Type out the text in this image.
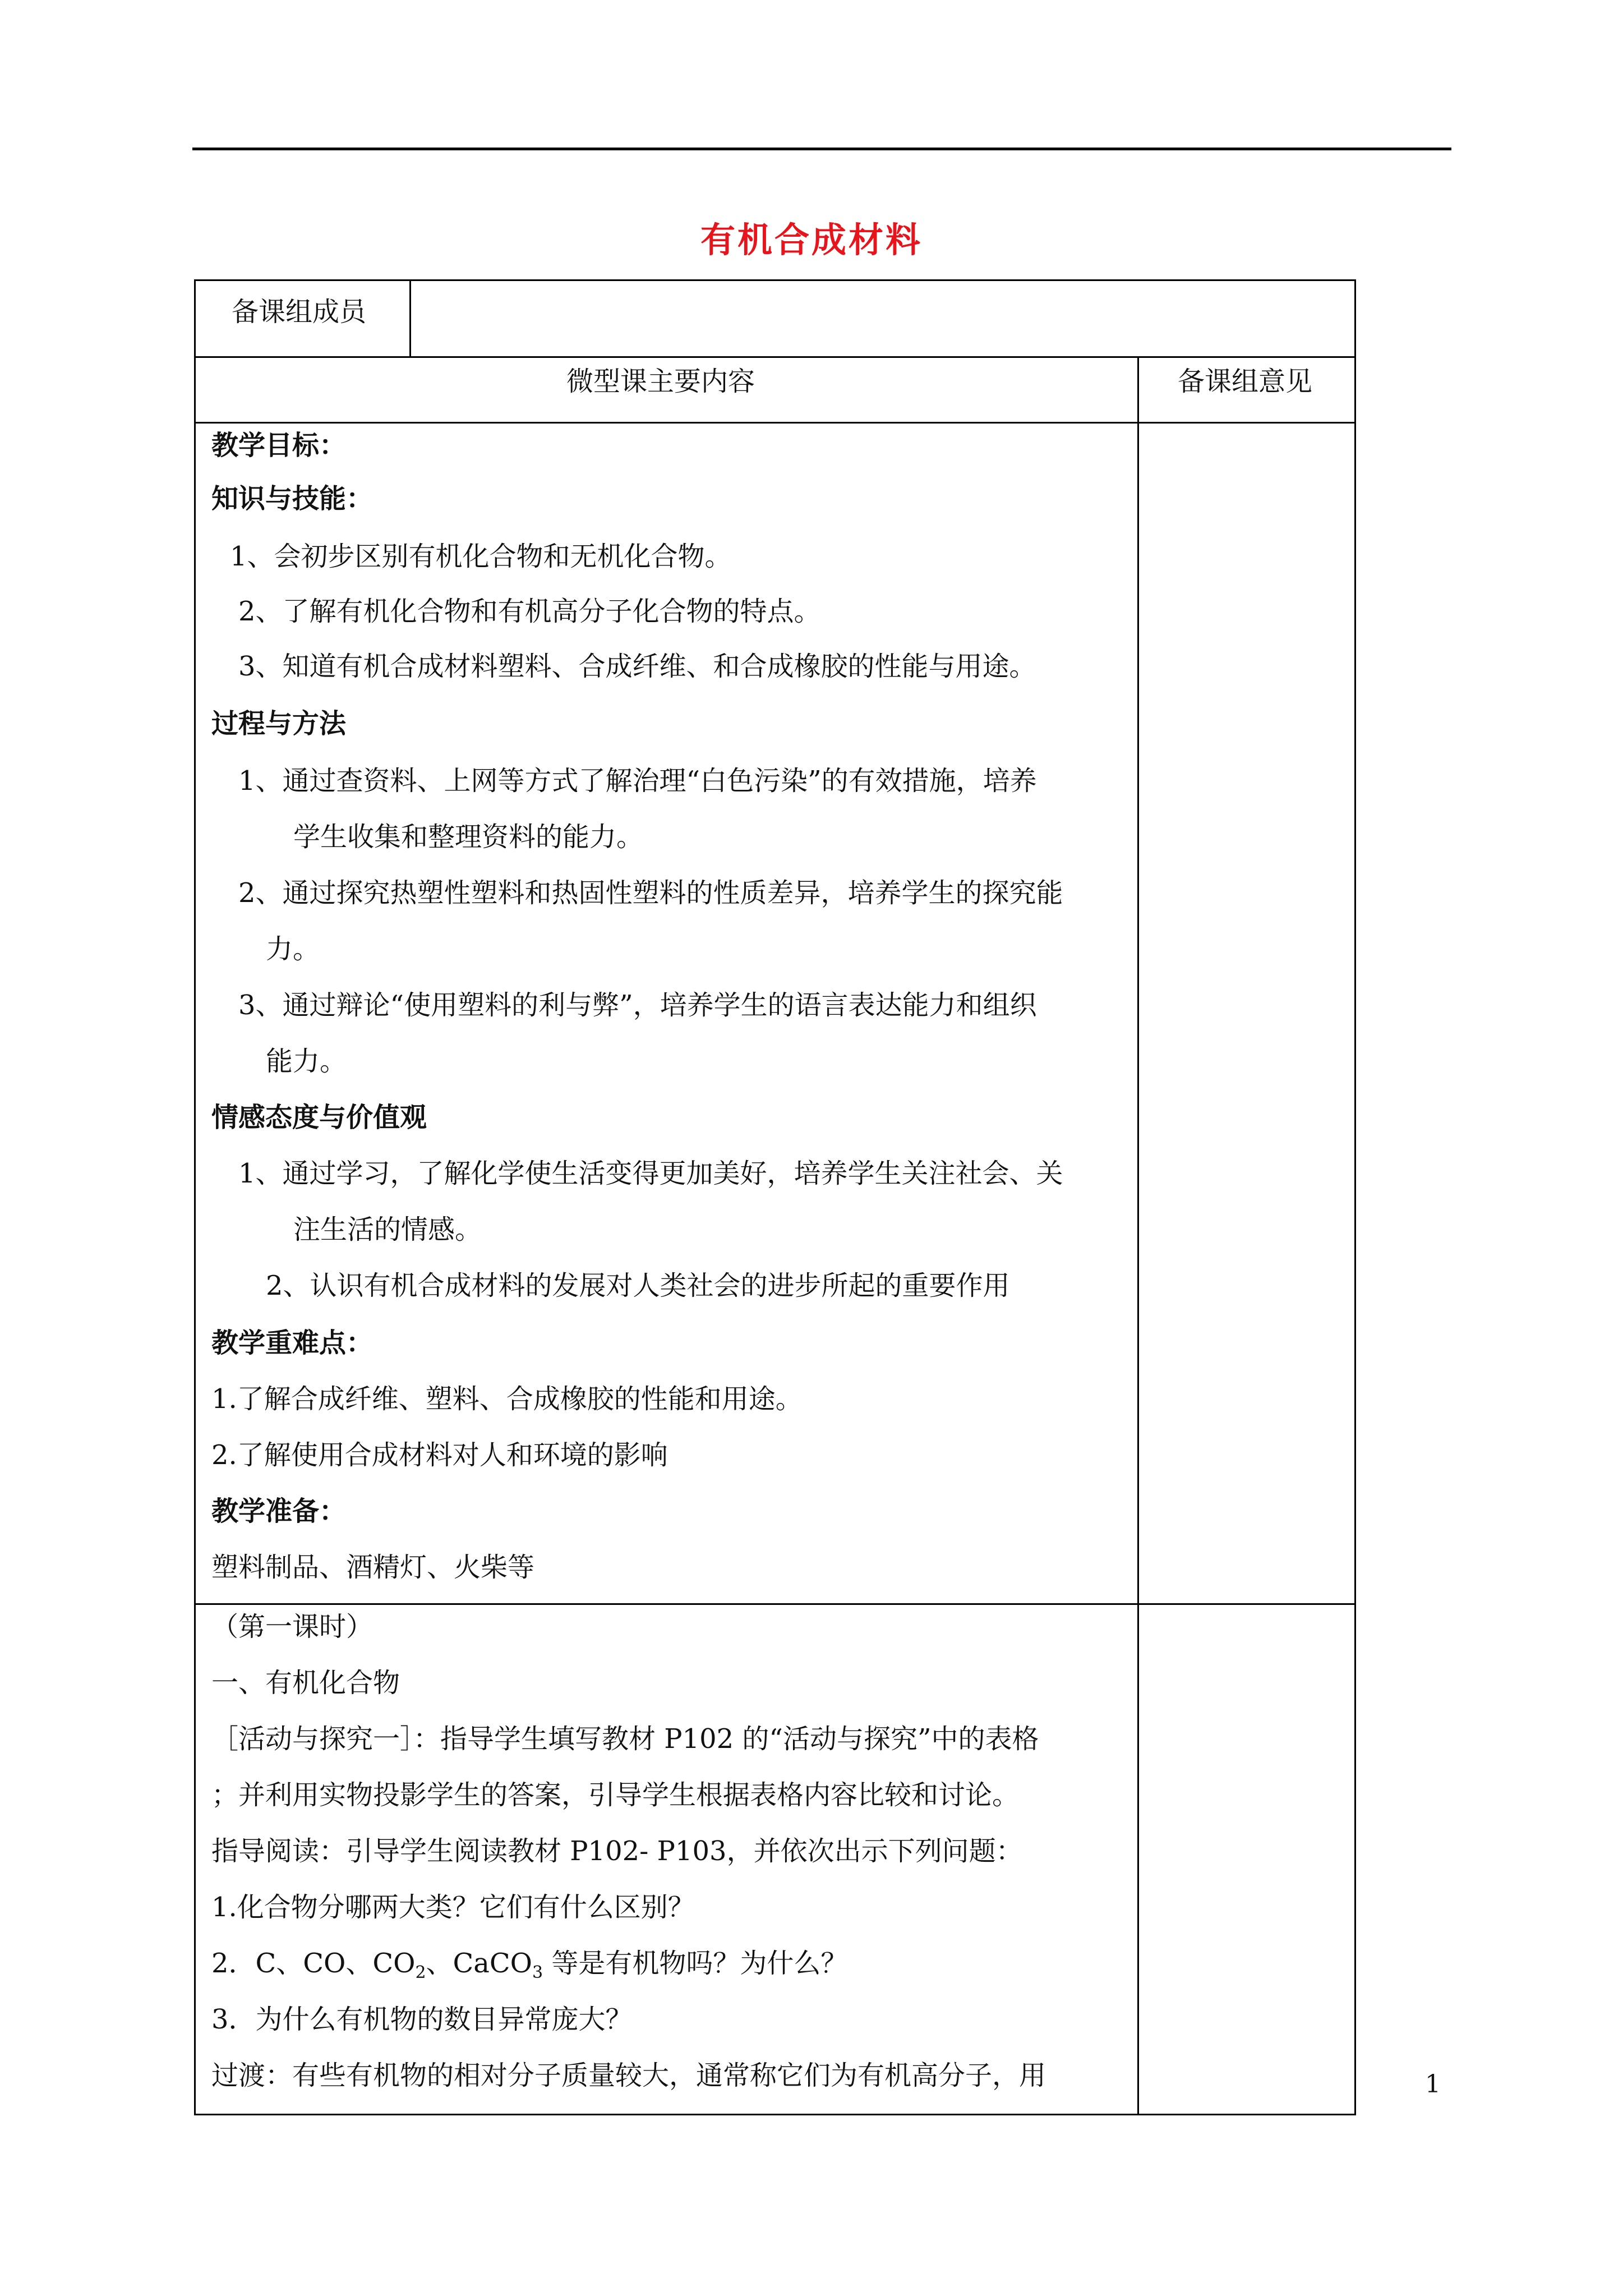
有机合成材料
备课组成员
微型课主要内容	备课组意见
教学目标：
知识与技能：
1、会初步区别有机化合物和无机化合物。
2、了解有机化合物和有机高分子化合物的特点。
3、知道有机合成材料塑料、合成纤维、和合成橡胶的性能与用途。
过程与方法
1、通过查资料、上网等方式了解治理“白色污染”的有效措施，培养
学生收集和整理资料的能力。
2、通过探究热塑性塑料和热固性塑料的性质差异，培养学生的探究能
力。
3、通过辩论“使用塑料的利与弊”，培养学生的语言表达能力和组织
能力。
情感态度与价值观
1、通过学习，了解化学使生活变得更加美好，培养学生关注社会、关
注生活的情感。
2、认识有机合成材料的发展对人类社会的进步所起的重要作用
教学重难点：
1.了解合成纤维、塑料、合成橡胶的性能和用途。
2.了解使用合成材料对人和环境的影响
教学准备：
塑料制品、酒精灯、火柴等
（第一课时）
一、有机化合物
［活动与探究一］：指导学生填写教材 P102 的“活动与探究”中的表格
；并利用实物投影学生的答案，引导学生根据表格内容比较和讨论。
指导阅读：引导学生阅读教材 P102- P103，并依次出示下列问题：
1.化合物分哪两大类？它们有什么区别？
2．C、CO、$CO_2$、CaCO$_3$ 等是有机物吗？为什么？
3．为什么有机物的数目异常庞大？
过渡：有些有机物的相对分子质量较大，通常称它们为有机高分子，用	1
